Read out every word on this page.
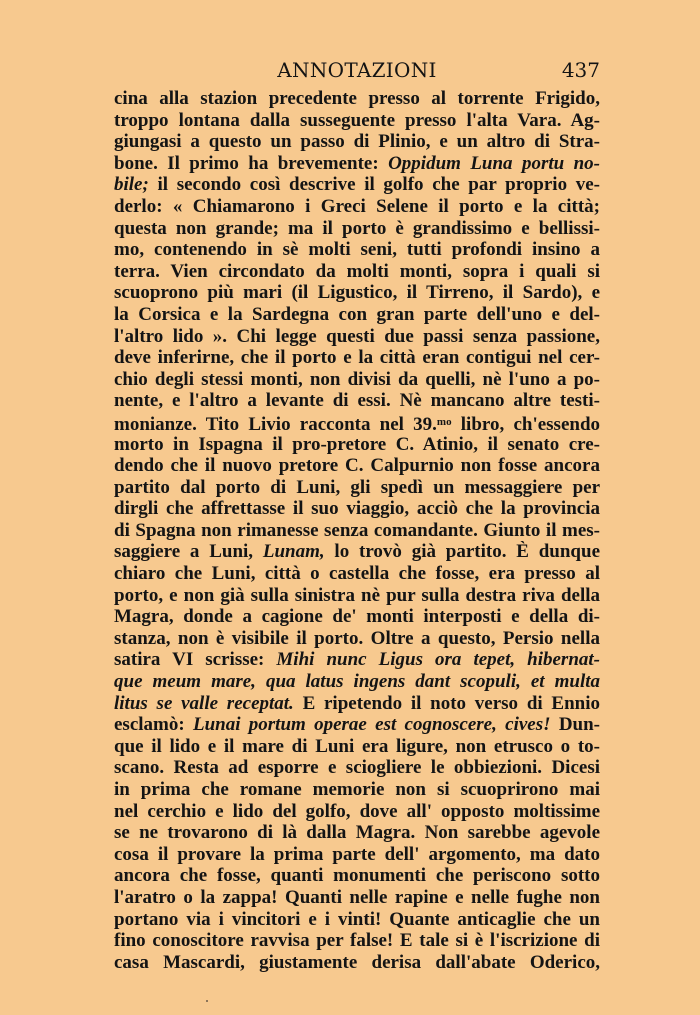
ANNOTAZIONI	437
cina alla stazion precedente presso al torrente Frigido,
troppo lontana dalla susseguente presso l'alta Vara. Ag-
giungasi a questo un passo di Plinio, e un altro di Stra-
bone. Il primo ha brevemente: Oppidum Luna portu no-
bile; il secondo così descrive il golfo che par proprio ve-
derlo: « Chiamarono i Greci Selene il porto e la città;
questa non grande; ma il porto è grandissimo e bellissi-
mo, contenendo in sè molti seni, tutti profondi insino a
terra. Vien circondato da molti monti, sopra i quali si
scuoprono più mari (il Ligustico, il Tirreno, il Sardo), e
la Corsica e la Sardegna con gran parte dell'uno e del-
l'altro lido ». Chi legge questi due passi senza passione,
deve inferirne, che il porto e la città eran contigui nel cer-
chio degli stessi monti, non divisi da quelli, nè l'uno a po-
nente, e l'altro a levante di essi. Nè mancano altre testi-
monianze. Tito Livio racconta nel 39.$^{mo}$ libro, ch'essendo
morto in Ispagna il pro-pretore C. Atinio, il senato cre-
dendo che il nuovo pretore C. Calpurnio non fosse ancora
partito dal porto di Luni, gli spedì un messaggiere per
dirgli che affrettasse il suo viaggio, acciò che la provincia
di Spagna non rimanesse senza comandante. Giunto il mes-
saggiere a Luni, Lunam, lo trovò già partito. È dunque
chiaro che Luni, città o castella che fosse, era presso al
porto, e non già sulla sinistra nè pur sulla destra riva della
Magra, donde a cagione de' monti interposti e della di-
stanza, non è visibile il porto. Oltre a questo, Persio nella
satira VI scrisse: Mihi nunc Ligus ora tepet, hibernat-
que meum mare, qua latus ingens dant scopuli, et multa
litus se valle receptat. E ripetendo il noto verso di Ennio
esclamò: Lunai portum operae est cognoscere, cives! Dun-
que il lido e il mare di Luni era ligure, non etrusco o to-
scano. Resta ad esporre e sciogliere le obbiezioni. Dicesi
in prima che romane memorie non si scuoprirono mai
nel cerchio e lido del golfo, dove all' opposto moltissime
se ne trovarono di là dalla Magra. Non sarebbe agevole
cosa il provare la prima parte dell' argomento, ma dato
ancora che fosse, quanti monumenti che periscono sotto
l'aratro o la zappa! Quanti nelle rapine e nelle fughe non
portano via i vincitori e i vinti! Quante anticaglie che un
fino conoscitore ravvisa per false! E tale si è l'iscrizione di
casa Mascardi, giustamente derisa dall'abate Oderico,
